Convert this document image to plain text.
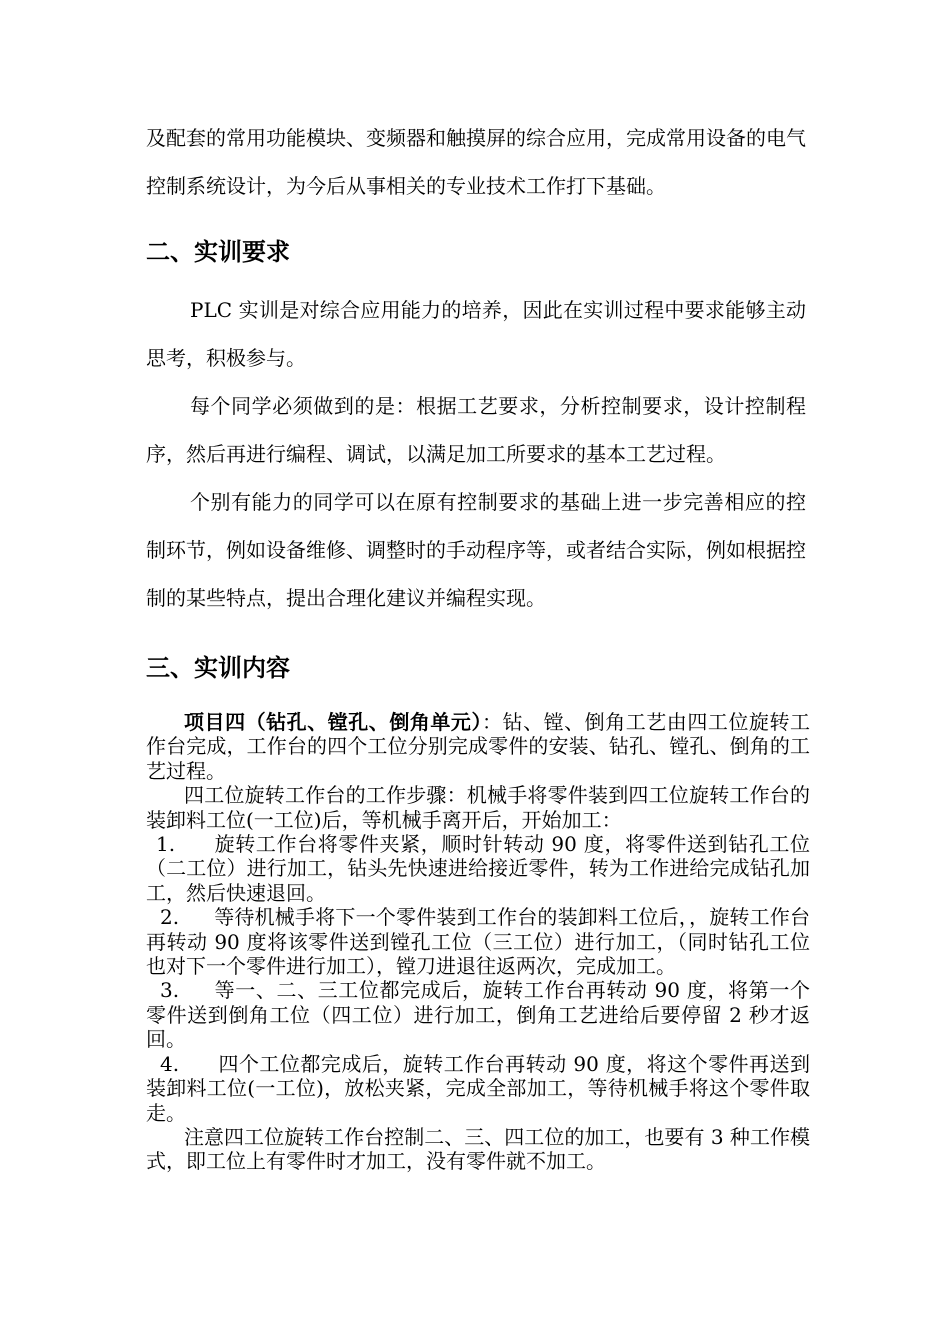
及配套的常用功能模块、变频器和触摸屏的综合应用，完成常用设备的电气控制系统设计，为今后从事相关的专业技术工作打下基础。

二、实训要求

PLC 实训是对综合应用能力的培养，因此在实训过程中要求能够主动思考，积极参与。

每个同学必须做到的是：根据工艺要求，分析控制要求，设计控制程序，然后再进行编程、调试，以满足加工所要求的基本工艺过程。

个别有能力的同学可以在原有控制要求的基础上进一步完善相应的控制环节，例如设备维修、调整时的手动程序等，或者结合实际，例如根据控制的某些特点，提出合理化建议并编程实现。

三、实训内容

项目四（钻孔、镗孔、倒角单元）：钻、镗、倒角工艺由四工位旋转工作台完成，工作台的四个工位分别完成零件的安装、钻孔、镗孔、倒角的工艺过程。

四工位旋转工作台的工作步骤：机械手将零件装到四工位旋转工作台的装卸料工位(一工位)后，等机械手离开后，开始加工：

1. 旋转工作台将零件夹紧，顺时针转动 90 度，将零件送到钻孔工位（二工位）进行加工，钻头先快速进给接近零件，转为工作进给完成钻孔加工，然后快速退回。

2. 等待机械手将下一个零件装到工作台的装卸料工位后，，旋转工作台再转动 90 度将该零件送到镗孔工位（三工位）进行加工，（同时钻孔工位也对下一个零件进行加工），镗刀进退往返两次，完成加工。

3. 等一、二、三工位都完成后，旋转工作台再转动 90 度，将第一个零件送到倒角工位（四工位）进行加工，倒角工艺进给后要停留 2 秒才返回。

4. 四个工位都完成后，旋转工作台再转动 90 度，将这个零件再送到装卸料工位(一工位)，放松夹紧，完成全部加工，等待机械手将这个零件取走。

注意四工位旋转工作台控制二、三、四工位的加工，也要有 3 种工作模式，即工位上有零件时才加工，没有零件就不加工。
